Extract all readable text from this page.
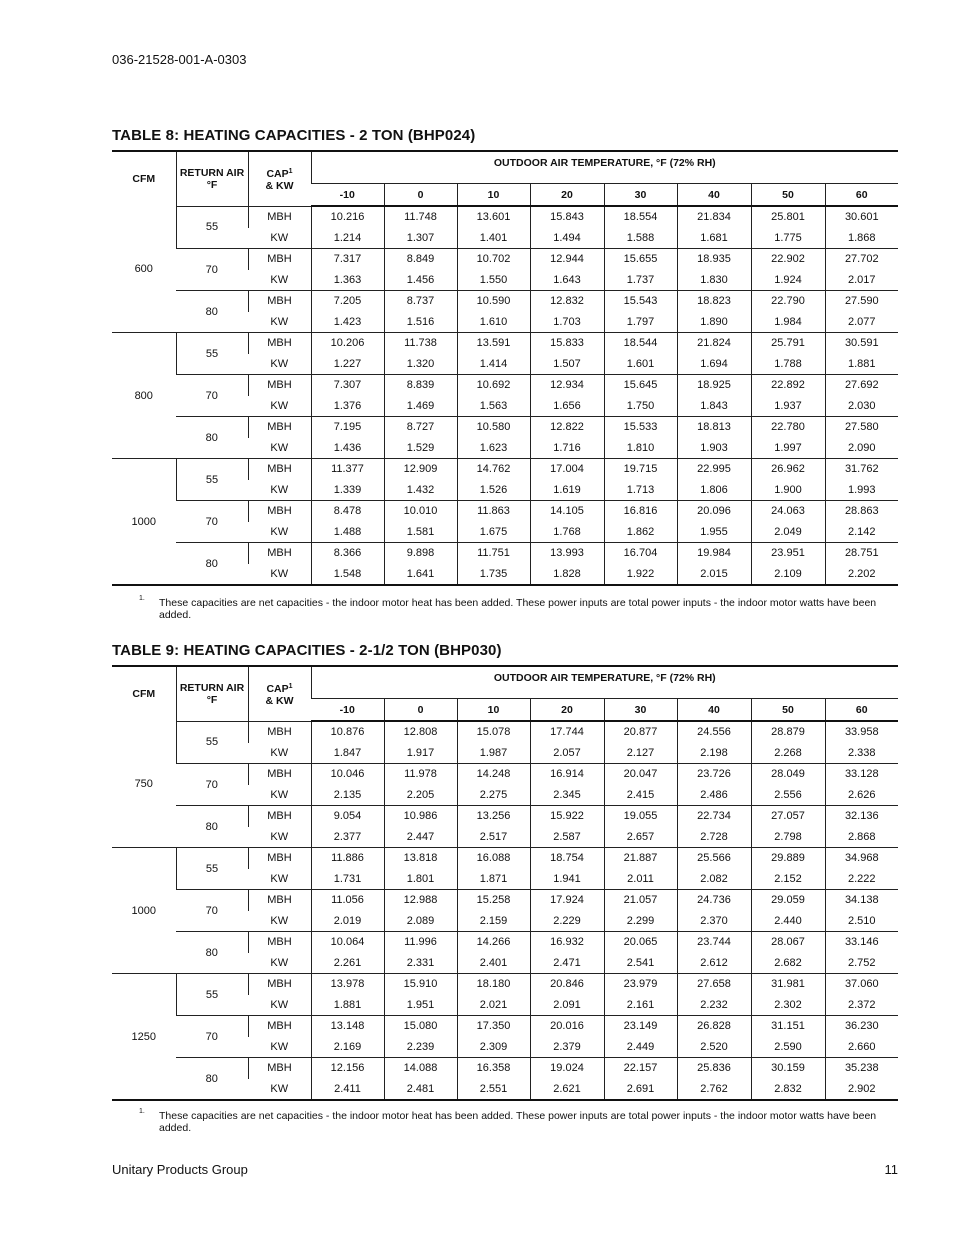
036-21528-001-A-0303
TABLE 8: HEATING CAPACITIES - 2 TON (BHP024)
CFM	RETURN AIR °F	CAP$^1$
& KW	OUTDOOR AIR TEMPERATURE, °F (72% RH)							
			-10	0	10	20	30	40	50	60
600	55	MBH	10.216	11.748	13.601	15.843	18.554	21.834	25.801	30.601
		KW	1.214	1.307	1.401	1.494	1.588	1.681	1.775	1.868
	70	MBH	7.317	8.849	10.702	12.944	15.655	18.935	22.902	27.702
		KW	1.363	1.456	1.550	1.643	1.737	1.830	1.924	2.017
	80	MBH	7.205	8.737	10.590	12.832	15.543	18.823	22.790	27.590
		KW	1.423	1.516	1.610	1.703	1.797	1.890	1.984	2.077
800	55	MBH	10.206	11.738	13.591	15.833	18.544	21.824	25.791	30.591
		KW	1.227	1.320	1.414	1.507	1.601	1.694	1.788	1.881
	70	MBH	7.307	8.839	10.692	12.934	15.645	18.925	22.892	27.692
		KW	1.376	1.469	1.563	1.656	1.750	1.843	1.937	2.030
	80	MBH	7.195	8.727	10.580	12.822	15.533	18.813	22.780	27.580
		KW	1.436	1.529	1.623	1.716	1.810	1.903	1.997	2.090
1000	55	MBH	11.377	12.909	14.762	17.004	19.715	22.995	26.962	31.762
		KW	1.339	1.432	1.526	1.619	1.713	1.806	1.900	1.993
	70	MBH	8.478	10.010	11.863	14.105	16.816	20.096	24.063	28.863
		KW	1.488	1.581	1.675	1.768	1.862	1.955	2.049	2.142
	80	MBH	8.366	9.898	11.751	13.993	16.704	19.984	23.951	28.751
		KW	1.548	1.641	1.735	1.828	1.922	2.015	2.109	2.202
1.	These capacities are net capacities - the indoor motor heat has been added. These power inputs are total power inputs - the indoor motor watts have been added.
TABLE 9: HEATING CAPACITIES - 2-1/2 TON (BHP030)
CFM	RETURN AIR °F	CAP$^1$
& KW	OUTDOOR AIR TEMPERATURE, °F (72% RH)							
			-10	0	10	20	30	40	50	60
750	55	MBH	10.876	12.808	15.078	17.744	20.877	24.556	28.879	33.958
		KW	1.847	1.917	1.987	2.057	2.127	2.198	2.268	2.338
	70	MBH	10.046	11.978	14.248	16.914	20.047	23.726	28.049	33.128
		KW	2.135	2.205	2.275	2.345	2.415	2.486	2.556	2.626
	80	MBH	9.054	10.986	13.256	15.922	19.055	22.734	27.057	32.136
		KW	2.377	2.447	2.517	2.587	2.657	2.728	2.798	2.868
1000	55	MBH	11.886	13.818	16.088	18.754	21.887	25.566	29.889	34.968
		KW	1.731	1.801	1.871	1.941	2.011	2.082	2.152	2.222
	70	MBH	11.056	12.988	15.258	17.924	21.057	24.736	29.059	34.138
		KW	2.019	2.089	2.159	2.229	2.299	2.370	2.440	2.510
	80	MBH	10.064	11.996	14.266	16.932	20.065	23.744	28.067	33.146
		KW	2.261	2.331	2.401	2.471	2.541	2.612	2.682	2.752
1250	55	MBH	13.978	15.910	18.180	20.846	23.979	27.658	31.981	37.060
		KW	1.881	1.951	2.021	2.091	2.161	2.232	2.302	2.372
	70	MBH	13.148	15.080	17.350	20.016	23.149	26.828	31.151	36.230
		KW	2.169	2.239	2.309	2.379	2.449	2.520	2.590	2.660
	80	MBH	12.156	14.088	16.358	19.024	22.157	25.836	30.159	35.238
		KW	2.411	2.481	2.551	2.621	2.691	2.762	2.832	2.902
1.	These capacities are net capacities - the indoor motor heat has been added. These power inputs are total power inputs - the indoor motor watts have been added.
Unitary Products Group	11
